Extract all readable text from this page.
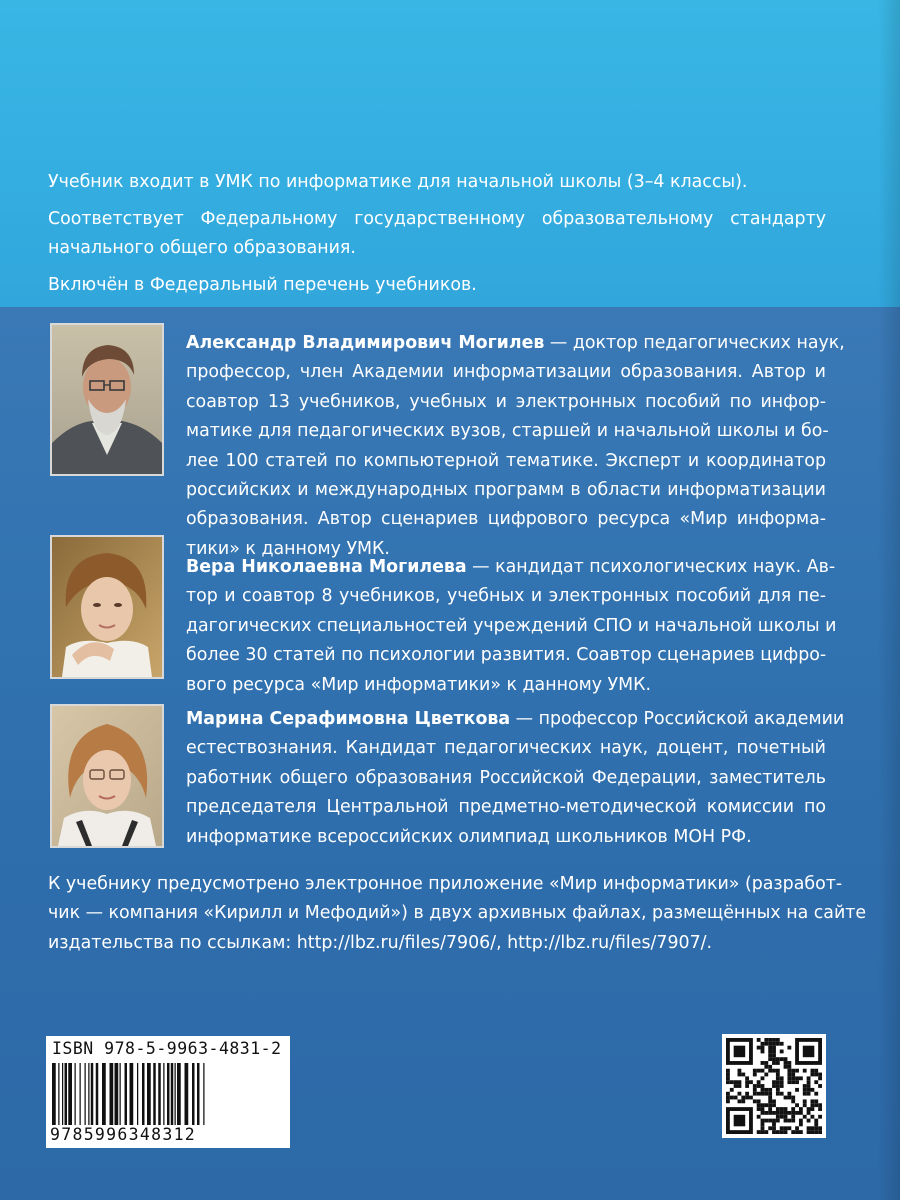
Учебник входит в УМК по информатике для начальной школы (3–4 классы).

Соответствует Федеральному государственному образовательному стандарту

начального общего образования.

Включён в Федеральный перечень учебников.

Александр Владимирович Могилев — доктор педагогических наук,
профессор, член Академии информатизации образования. Автор и
соавтор 13 учебников, учебных и электронных пособий по инфор-
матике для педагогических вузов, старшей и начальной школы и бо-
лее 100 статей по компьютерной тематике. Эксперт и координатор
российских и международных программ в области информатизации
образования. Автор сценариев цифрового ресурса «Мир информа-
тики» к данному УМК.
Вера Николаевна Могилева — кандидат психологических наук. Ав-
тор и соавтор 8 учебников, учебных и электронных пособий для пе-
дагогических специальностей учреждений СПО и начальной школы и
более 30 статей по психологии развития. Соавтор сценариев цифро-
вого ресурса «Мир информатики» к данному УМК.
Марина Серафимовна Цветкова — профессор Российской академии
естествознания. Кандидат педагогических наук, доцент, почетный
работник общего образования Российской Федерации, заместитель
председателя Центральной предметно-методической комиссии по
информатике всероссийских олимпиад школьников МОН РФ.
К учебнику предусмотрено электронное приложение «Мир информатики» (разработ-
чик — компания «Кирилл и Мефодий») в двух архивных файлах, размещённых на сайте
издательства по ссылкам: http://lbz.ru/files/7906/, http://lbz.ru/files/7907/.
ISBN 978-5-9963-4831-2
9785996348312
